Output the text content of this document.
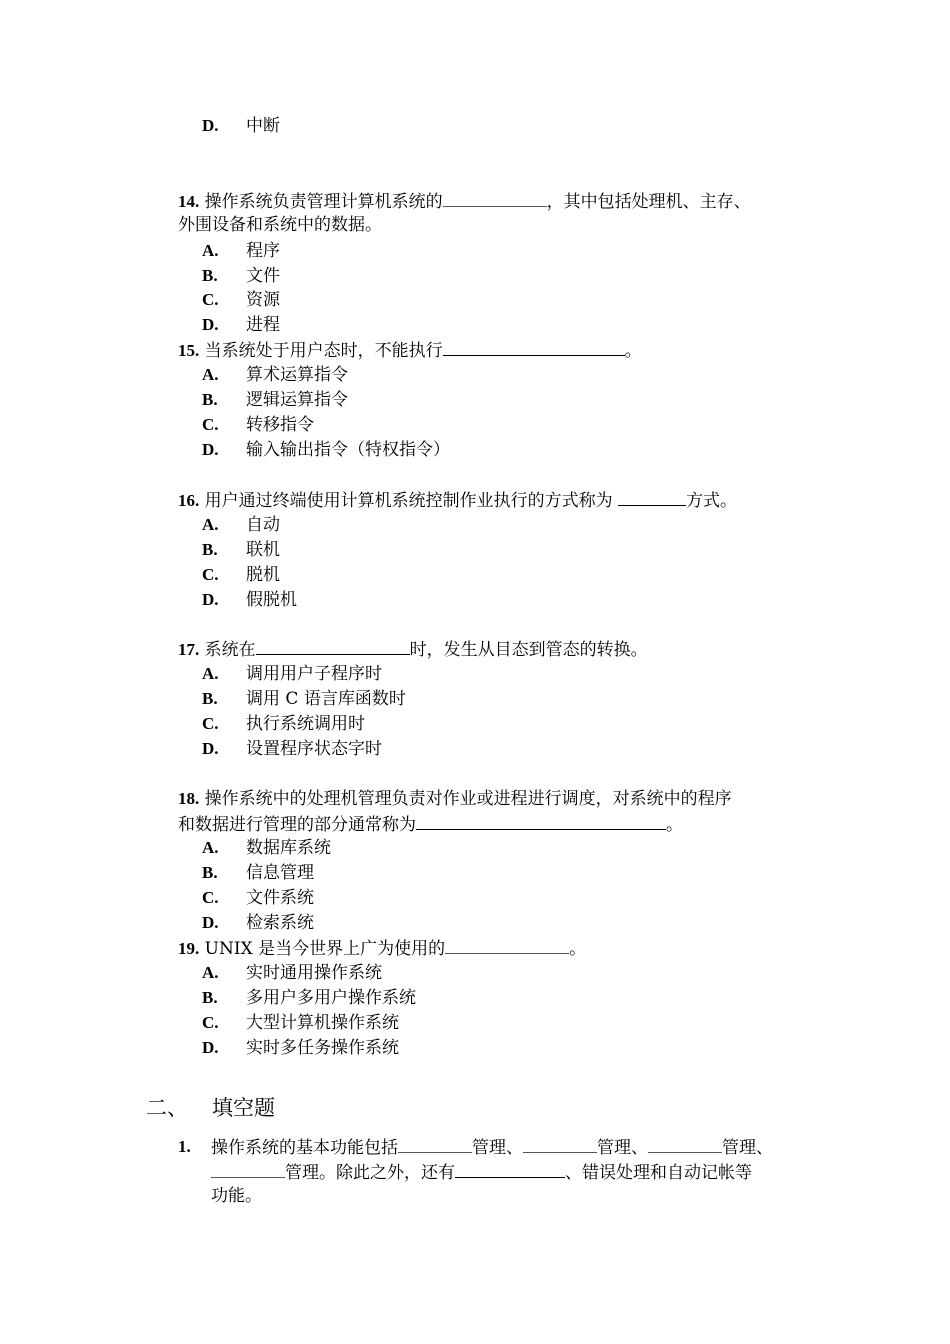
D. 中断
14. 操作系统负责管理计算机系统的	，其中包括处理机、主存、
外围设备和系统中的数据。
A. 程序
B. 文件
C. 资源
D. 进程
15. 当系统处于用户态时，不能执行	。
A. 算术运算指令
B. 逻辑运算指令
C. 转移指令
D. 输入输出指令（特权指令）
16. 用户通过终端使用计算机系统控制作业执行的方式称为	方式。
A. 自动
B. 联机
C. 脱机
D. 假脱机
17. 系统在	时，发生从目态到管态的转换。
A. 调用用户子程序时
B. 调用 C 语言库函数时
C. 执行系统调用时
D. 设置程序状态字时
18. 操作系统中的处理机管理负责对作业或进程进行调度，对系统中的程序
和数据进行管理的部分通常称为	。
A. 数据库系统
B. 信息管理
C. 文件系统
D. 检索系统
19. UNIX 是当今世界上广为使用的	。
A. 实时通用操作系统
B. 多用户多用户操作系统
C. 大型计算机操作系统
D. 实时多任务操作系统
二、 填空题
1. 操作系统的基本功能包括	管理、	管理、	管理、
管理。除此之外，还有	、错误处理和自动记帐等
功能。
